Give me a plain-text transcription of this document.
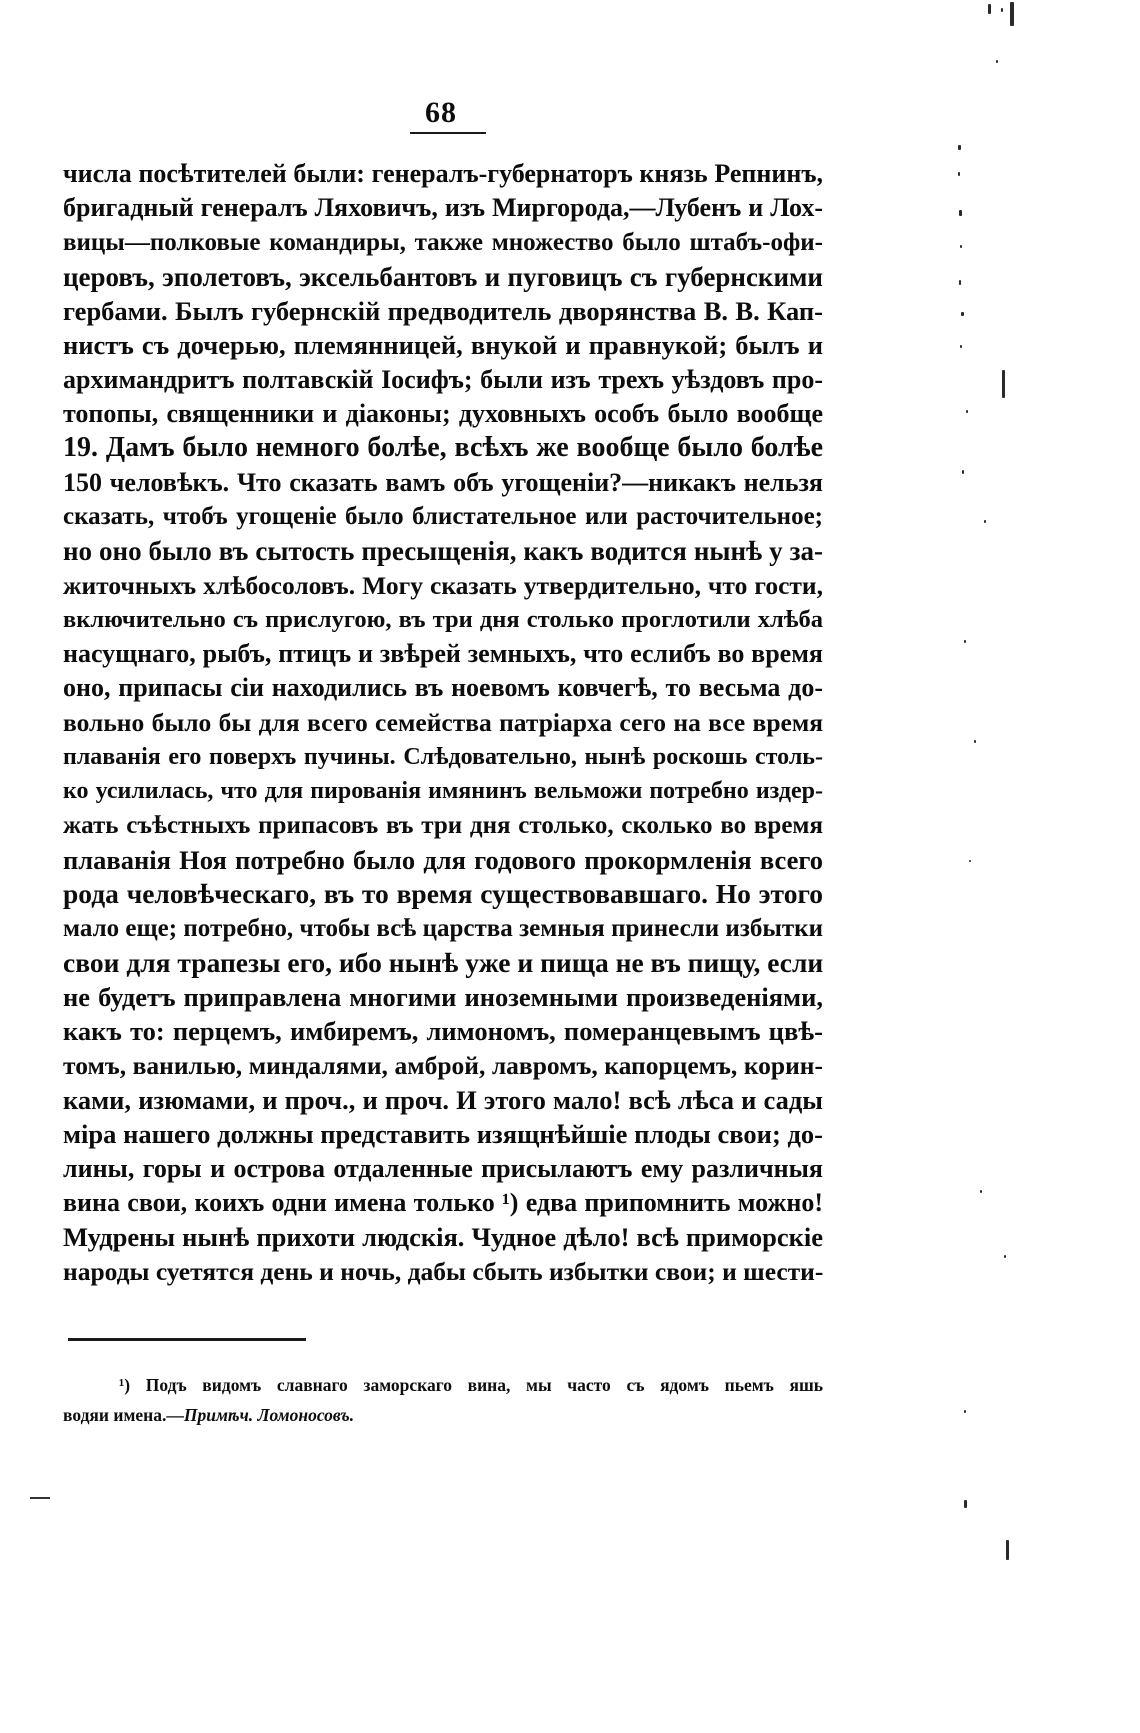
68
числа посѣтителей были: генералъ-губернаторъ князь Репнинъ,
бригадный генералъ Ляховичъ, изъ Миргорода,—Лубенъ и Лох-
вицы—полковые командиры, также множество было штабъ-офи-
церовъ, эполетовъ, эксельбантовъ и пуговицъ съ губернскими
гербами. Былъ губернскій предводитель дворянства В. В. Кап-
нистъ съ дочерью, племянницей, внукой и правнукой; былъ и
архимандритъ полтавскій Іосифъ; были изъ трехъ уѣздовъ про-
топопы, священники и діаконы; духовныхъ особъ было вообще
19. Дамъ было немного болѣе, всѣхъ же вообще было болѣе
150 человѣкъ. Что сказать вамъ объ угощеніи?—никакъ нельзя
сказать, чтобъ угощеніе было блистательное или расточительное;
но оно было въ сытость пресыщенія, какъ водится нынѣ у за-
житочныхъ хлѣбосоловъ. Могу сказать утвердительно, что гости,
включительно съ прислугою, въ три дня столько проглотили хлѣба
насущнаго, рыбъ, птицъ и звѣрей земныхъ, что еслибъ во время
оно, припасы сіи находились въ ноевомъ ковчегѣ, то весьма до-
вольно было бы для всего семейства патріарха сего на все время
плаванія его поверхъ пучины. Слѣдовательно, нынѣ роскошь столь-
ко усилилась, что для пированія имянинъ вельможи потребно издер-
жать съѣстныхъ припасовъ въ три дня столько, сколько во время
плаванія Ноя потребно было для годового прокормленія всего
рода человѣческаго, въ то время существовавшаго. Но этого
мало еще; потребно, чтобы всѣ царства земныя принесли избытки
свои для трапезы его, ибо нынѣ уже и пища не въ пищу, если
не будетъ приправлена многими иноземными произведеніями,
какъ то: перцемъ, имбиремъ, лимономъ, померанцевымъ цвѣ-
томъ, ванилью, миндалями, амброй, лавромъ, капорцемъ, корин-
ками, изюмами, и проч., и проч. И этого мало! всѣ лѣса и сады
міра нашего должны представить изящнѣйшіе плоды свои; до-
лины, горы и острова отдаленные присылаютъ ему различныя
вина свои, коихъ одни имена только ¹) едва припомнить можно!
Мудрены нынѣ прихоти людскія. Чудное дѣло! всѣ приморскіе
народы суетятся день и ночь, дабы сбыть избытки свои; и шести-
¹) Подъ видомъ славнаго заморскаго вина, мы часто съ ядомъ пьемъ яшь
водяи имена.—Примѣч. Ломоносовъ.
